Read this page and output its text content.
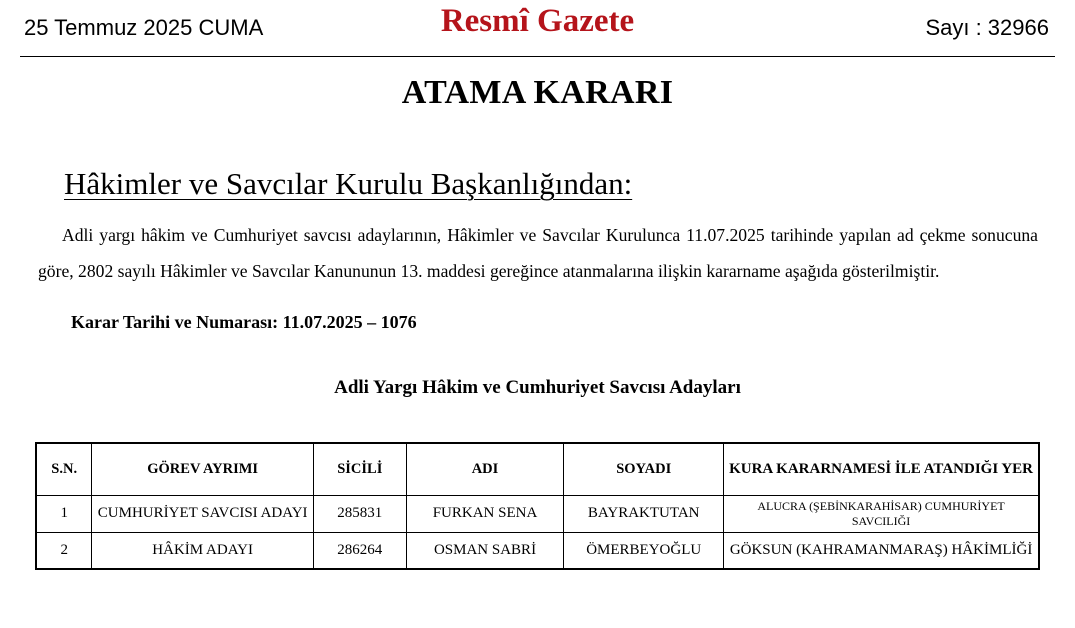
25 Temmuz 2025 CUMA	Resmî Gazete	Sayı : 32966
ATAMA KARARI
Hâkimler ve Savcılar Kurulu Başkanlığından:
Adli yargı hâkim ve Cumhuriyet savcısı adaylarının, Hâkimler ve Savcılar Kurulunca 11.07.2025 tarihinde yapılan ad çekme sonucuna göre, 2802 sayılı Hâkimler ve Savcılar Kanununun 13. maddesi gereğince atanmalarına ilişkin kararname aşağıda gösterilmiştir.
Karar Tarihi ve Numarası: 11.07.2025 – 1076
Adli Yargı Hâkim ve Cumhuriyet Savcısı Adayları
S.N.	GÖREV AYRIMI	SİCİLİ	ADI	SOYADI	KURA KARARNAMESİ İLE ATANDIĞI YER
1	CUMHURİYET SAVCISI ADAYI	285831	FURKAN SENA	BAYRAKTUTAN	ALUCRA (ŞEBİNKARAHİSAR) CUMHURİYET SAVCILIĞI
2	HÂKİM ADAYI	286264	OSMAN SABRİ	ÖMERBEYOĞLU	GÖKSUN (KAHRAMANMARAŞ) HÂKİMLİĞİ
